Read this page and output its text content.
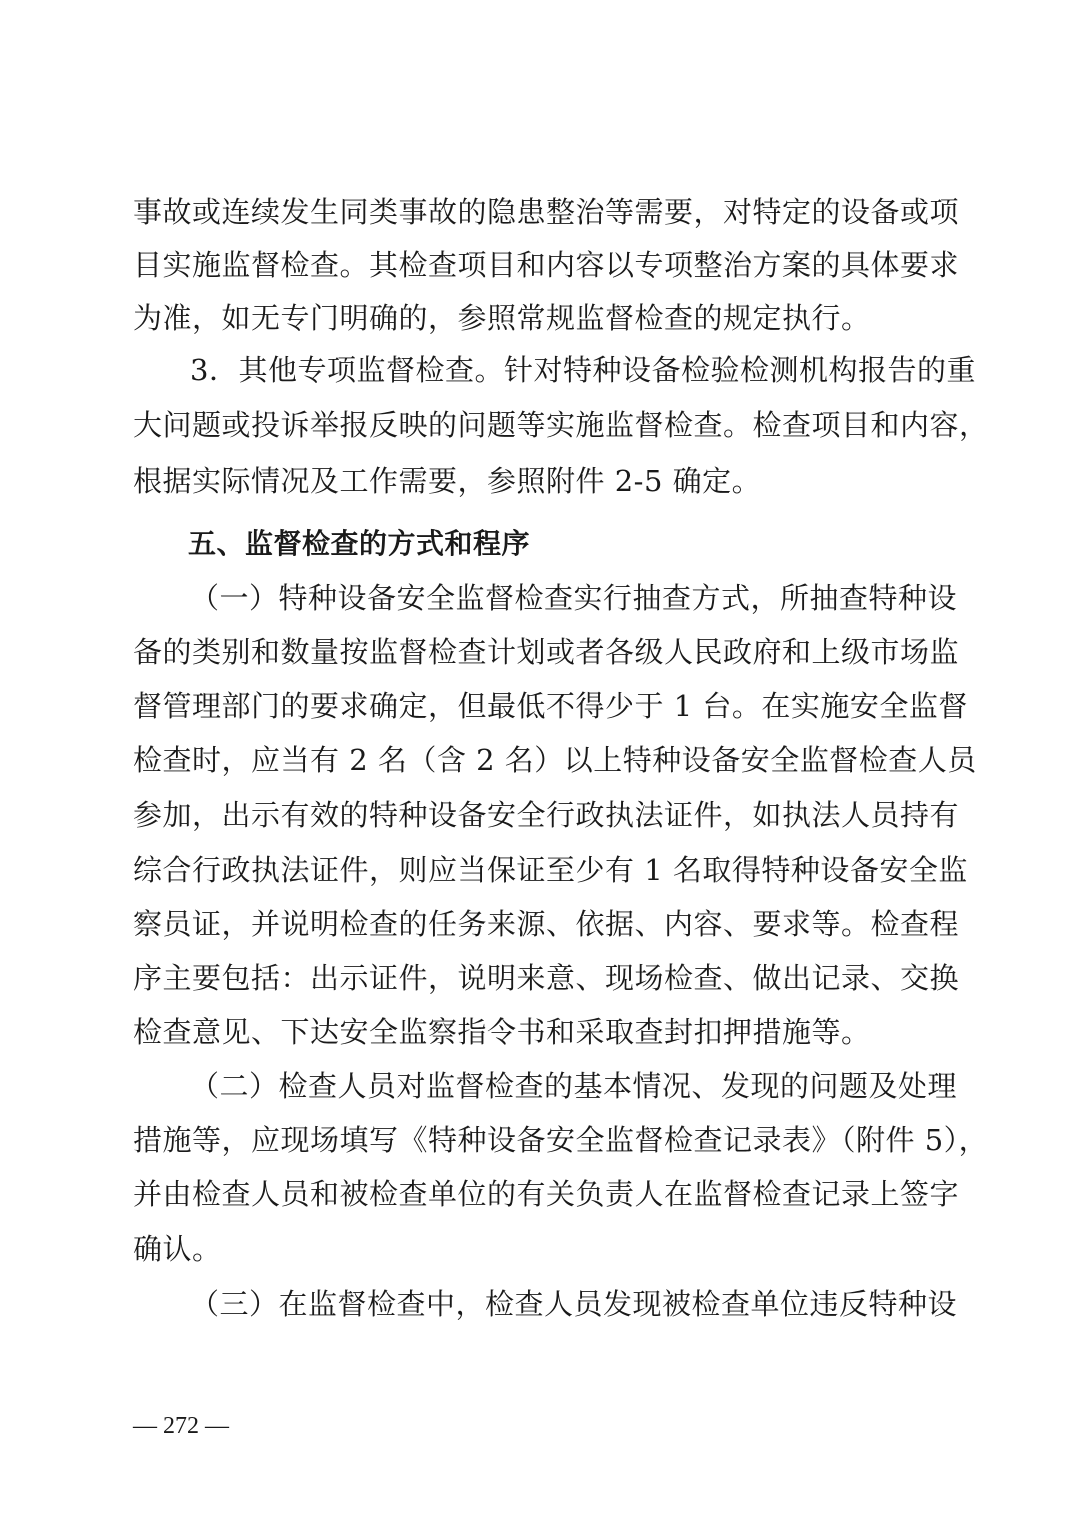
事故或连续发生同类事故的隐患整治等需要，对特定的设备或项
目实施监督检查。其检查项目和内容以专项整治方案的具体要求
为准，如无专门明确的，参照常规监督检查的规定执行。
3．其他专项监督检查。针对特种设备检验检测机构报告的重
大问题或投诉举报反映的问题等实施监督检查。检查项目和内容，
根据实际情况及工作需要，参照附件 2-5 确定。
五、监督检查的方式和程序
（一）特种设备安全监督检查实行抽查方式，所抽查特种设
备的类别和数量按监督检查计划或者各级人民政府和上级市场监
督管理部门的要求确定，但最低不得少于 1 台。在实施安全监督
检查时，应当有 2 名（含 2 名）以上特种设备安全监督检查人员
参加，出示有效的特种设备安全行政执法证件，如执法人员持有
综合行政执法证件，则应当保证至少有 1 名取得特种设备安全监
察员证，并说明检查的任务来源、依据、内容、要求等。检查程
序主要包括：出示证件，说明来意、现场检查、做出记录、交换
检查意见、下达安全监察指令书和采取查封扣押措施等。
（二）检查人员对监督检查的基本情况、发现的问题及处理
措施等，应现场填写《特种设备安全监督检查记录表》（附件 5），
并由检查人员和被检查单位的有关负责人在监督检查记录上签字
确认。
（三）在监督检查中，检查人员发现被检查单位违反特种设
— 272 —
